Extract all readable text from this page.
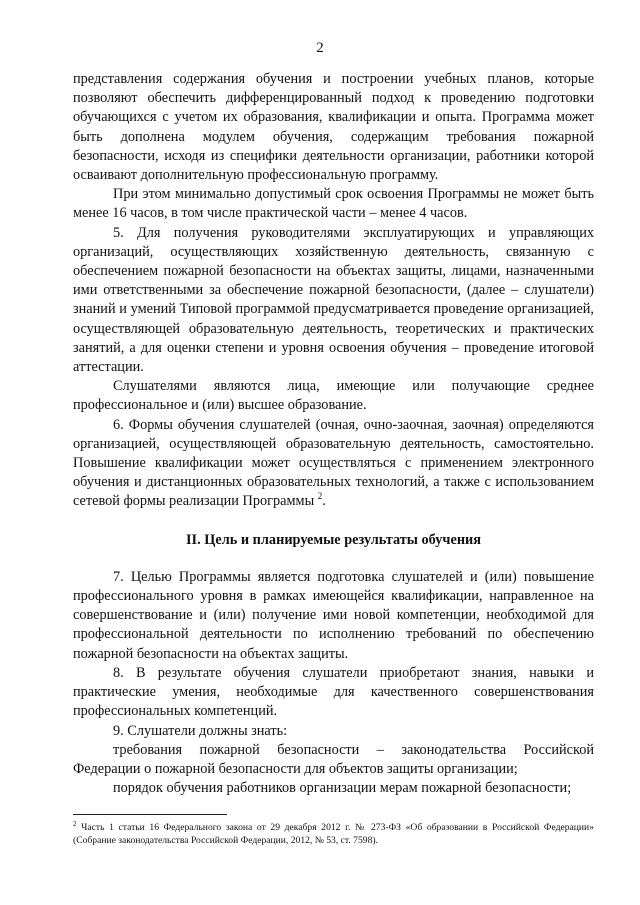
2

представления содержания обучения и построении учебных планов, которые позволяют обеспечить дифференцированный подход к проведению подготовки обучающихся с учетом их образования, квалификации и опыта. Программа может быть дополнена модулем обучения, содержащим требования пожарной безопасности, исходя из специфики деятельности организации, работники которой осваивают дополнительную профессиональную программу.

При этом минимально допустимый срок освоения Программы не может быть менее 16 часов, в том числе практической части – менее 4 часов.

5. Для получения руководителями эксплуатирующих и управляющих организаций, осуществляющих хозяйственную деятельность, связанную с обеспечением пожарной безопасности на объектах защиты, лицами, назначенными ими ответственными за обеспечение пожарной безопасности, (далее – слушатели) знаний и умений Типовой программой предусматривается проведение организацией, осуществляющей образовательную деятельность, теоретических и практических занятий, а для оценки степени и уровня освоения обучения – проведение итоговой аттестации.

Слушателями являются лица, имеющие или получающие среднее профессиональное и (или) высшее образование.

6. Формы обучения слушателей (очная, очно-заочная, заочная) определяются организацией, осуществляющей образовательную деятельность, самостоятельно. Повышение квалификации может осуществляться с применением электронного обучения и дистанционных образовательных технологий, а также с использованием сетевой формы реализации Программы $^2$.

II. Цель и планируемые результаты обучения

7. Целью Программы является подготовка слушателей и (или) повышение профессионального уровня в рамках имеющейся квалификации, направленное на совершенствование и (или) получение ими новой компетенции, необходимой для профессиональной деятельности по исполнению требований по обеспечению пожарной безопасности на объектах защиты.

8. В результате обучения слушатели приобретают знания, навыки и практические умения, необходимые для качественного совершенствования профессиональных компетенций.

9. Слушатели должны знать:

требования пожарной безопасности – законодательства Российской Федерации о пожарной безопасности для объектов защиты организации;

порядок обучения работников организации мерам пожарной безопасности;

$^2$ Часть 1 статьи 16 Федерального закона от 29 декабря 2012 г. № 273-ФЗ «Об образовании в Российской Федерации» (Собрание законодательства Российской Федерации, 2012, № 53, ст. 7598).
